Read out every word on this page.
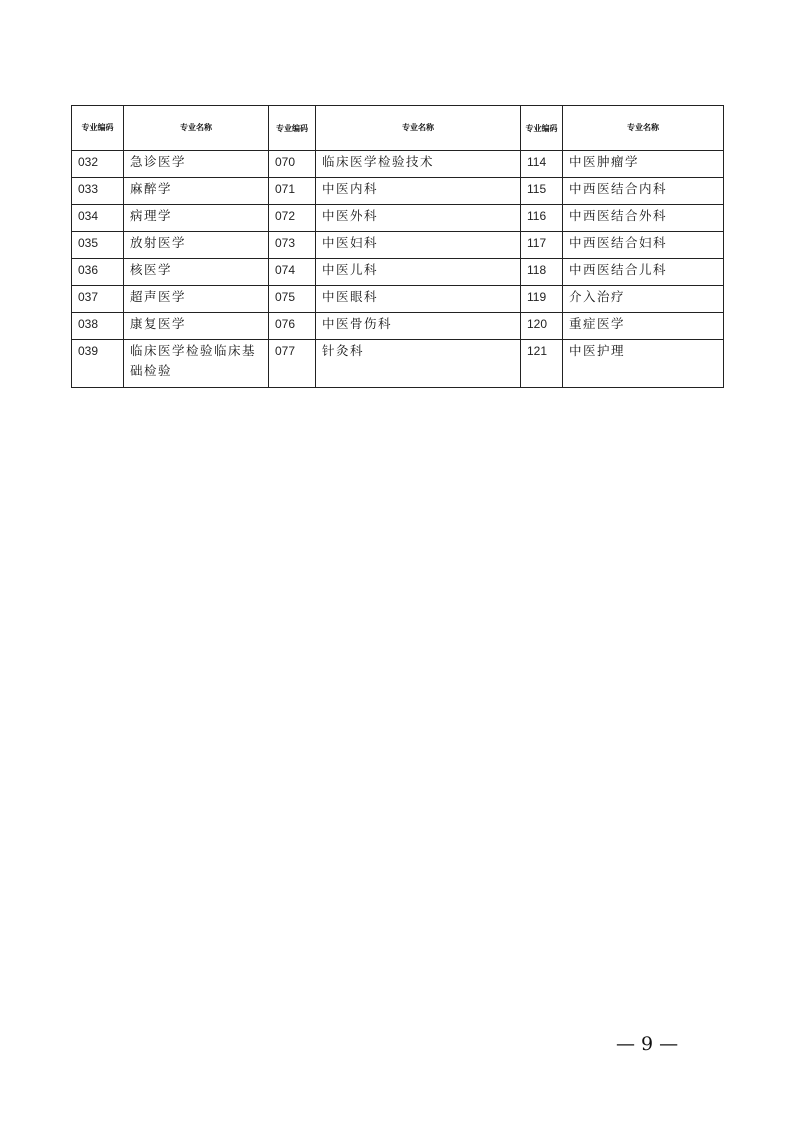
专业编码	专业名称	专业编码	专业名称	专业编码	专业名称
032	急诊医学	070	临床医学检验技术	114	中医肿瘤学
033	麻醉学	071	中医内科	115	中西医结合内科
034	病理学	072	中医外科	116	中西医结合外科
035	放射医学	073	中医妇科	117	中西医结合妇科
036	核医学	074	中医儿科	118	中西医结合儿科
037	超声医学	075	中医眼科	119	介入治疗
038	康复医学	076	中医骨伤科	120	重症医学
039	临床医学检验临床基础检验	077	针灸科	121	中医护理
— 9 —
